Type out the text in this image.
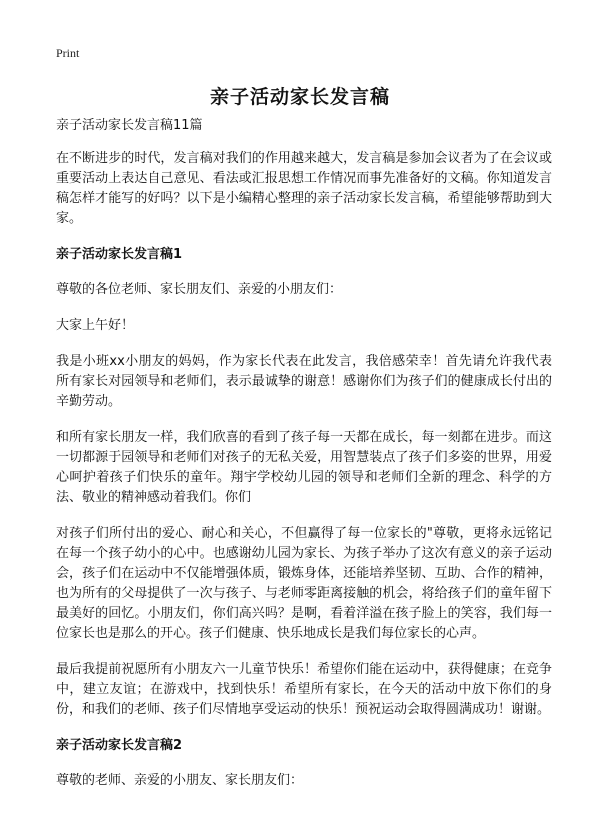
Print
亲子活动家长发言稿
亲子活动家长发言稿11篇

在不断进步的时代，发言稿对我们的作用越来越大，发言稿是参加会议者为了在会议或重要活动上表达自己意见、看法或汇报思想工作情况而事先准备好的文稿。你知道发言稿怎样才能写的好吗？以下是小编精心整理的亲子活动家长发言稿，希望能够帮助到大家。

亲子活动家长发言稿1

尊敬的各位老师、家长朋友们、亲爱的小朋友们：

大家上午好！

我是小班xx小朋友的妈妈，作为家长代表在此发言，我倍感荣幸！首先请允许我代表所有家长对园领导和老师们，表示最诚挚的谢意！感谢你们为孩子们的健康成长付出的辛勤劳动。

和所有家长朋友一样，我们欣喜的看到了孩子每一天都在成长，每一刻都在进步。而这一切都源于园领导和老师们对孩子的无私关爱，用智慧装点了孩子们多姿的世界，用爱心呵护着孩子们快乐的童年。翔宇学校幼儿园的领导和老师们全新的理念、科学的方法、敬业的精神感动着我们。你们

对孩子们所付出的爱心、耐心和关心，不但赢得了每一位家长的"尊敬，更将永远铭记在每一个孩子幼小的心中。也感谢幼儿园为家长、为孩子举办了这次有意义的亲子运动会，孩子们在运动中不仅能增强体质，锻炼身体，还能培养坚韧、互助、合作的精神，也为所有的父母提供了一次与孩子、与老师零距离接触的机会，将给孩子们的童年留下最美好的回忆。小朋友们，你们高兴吗？是啊，看着洋溢在孩子脸上的笑容，我们每一位家长也是那么的开心。孩子们健康、快乐地成长是我们每位家长的心声。

最后我提前祝愿所有小朋友六一儿童节快乐！希望你们能在运动中，获得健康；在竞争中，建立友谊；在游戏中，找到快乐！希望所有家长，在今天的活动中放下你们的身份，和我们的老师、孩子们尽情地享受运动的快乐！预祝运动会取得圆满成功！谢谢。

亲子活动家长发言稿2

尊敬的老师、亲爱的小朋友、家长朋友们：
